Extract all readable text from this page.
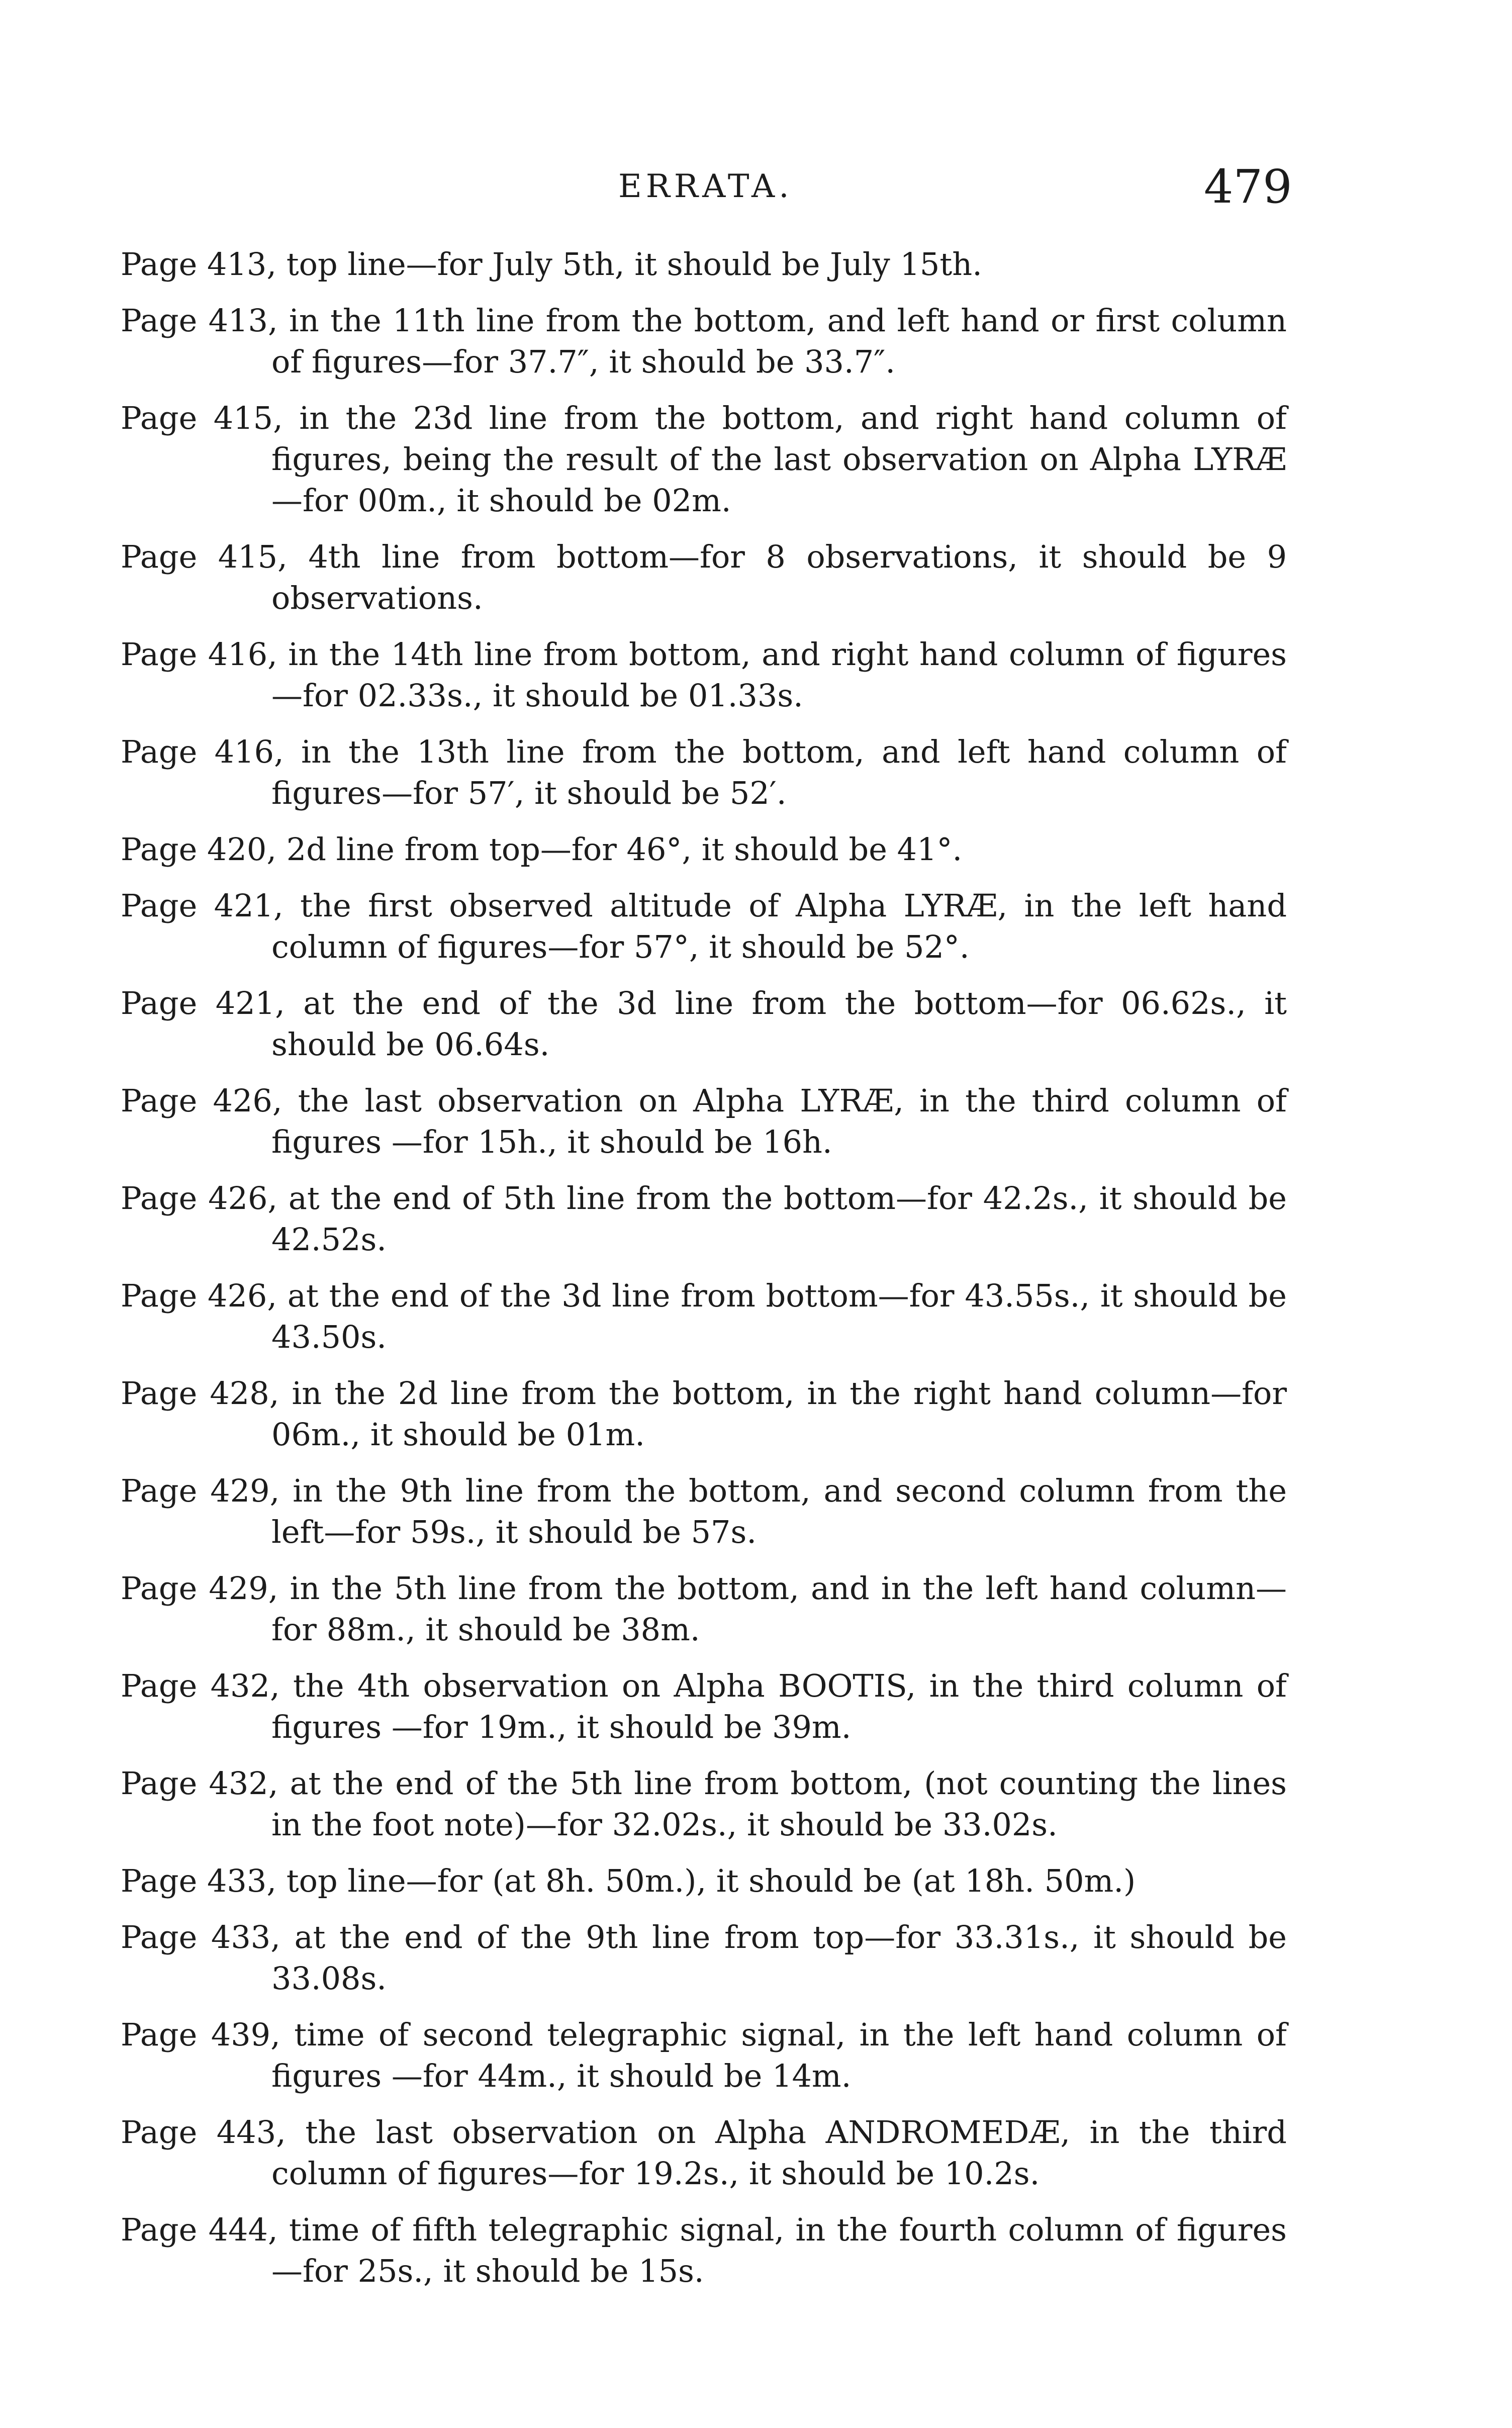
ERRATA.	479
Page 413, top line—for July 5th, it should be July 15th.
Page 413, in the 11th line from the bottom, and left hand or first column of figures—for 37.7″, it should be 33.7″.
Page 415, in the 23d line from the bottom, and right hand column of figures, being the result of the last observation on Alpha LYRÆ—for 00m., it should be 02m.
Page 415, 4th line from bottom—for 8 observations, it should be 9 observations.
Page 416, in the 14th line from bottom, and right hand column of figures—for 02.33s., it should be 01.33s.
Page 416, in the 13th line from the bottom, and left hand column of figures—for 57′, it should be 52′.
Page 420, 2d line from top—for 46°, it should be 41°.
Page 421, the first observed altitude of Alpha LYRÆ, in the left hand column of figures—for 57°, it should be 52°.
Page 421, at the end of the 3d line from the bottom—for 06.62s., it should be 06.64s.
Page 426, the last observation on Alpha LYRÆ, in the third column of figures —for 15h., it should be 16h.
Page 426, at the end of 5th line from the bottom—for 42.2s., it should be 42.52s.
Page 426, at the end of the 3d line from bottom—for 43.55s., it should be 43.50s.
Page 428, in the 2d line from the bottom, in the right hand column—for 06m., it should be 01m.
Page 429, in the 9th line from the bottom, and second column from the left—for 59s., it should be 57s.
Page 429, in the 5th line from the bottom, and in the left hand column—for 88m., it should be 38m.
Page 432, the 4th observation on Alpha BOOTIS, in the third column of figures —for 19m., it should be 39m.
Page 432, at the end of the 5th line from bottom, (not counting the lines in the foot note)—for 32.02s., it should be 33.02s.
Page 433, top line—for (at 8h. 50m.), it should be (at 18h. 50m.)
Page 433, at the end of the 9th line from top—for 33.31s., it should be 33.08s.
Page 439, time of second telegraphic signal, in the left hand column of figures —for 44m., it should be 14m.
Page 443, the last observation on Alpha ANDROMEDÆ, in the third column of figures—for 19.2s., it should be 10.2s.
Page 444, time of fifth telegraphic signal, in the fourth column of figures—for 25s., it should be 15s.
